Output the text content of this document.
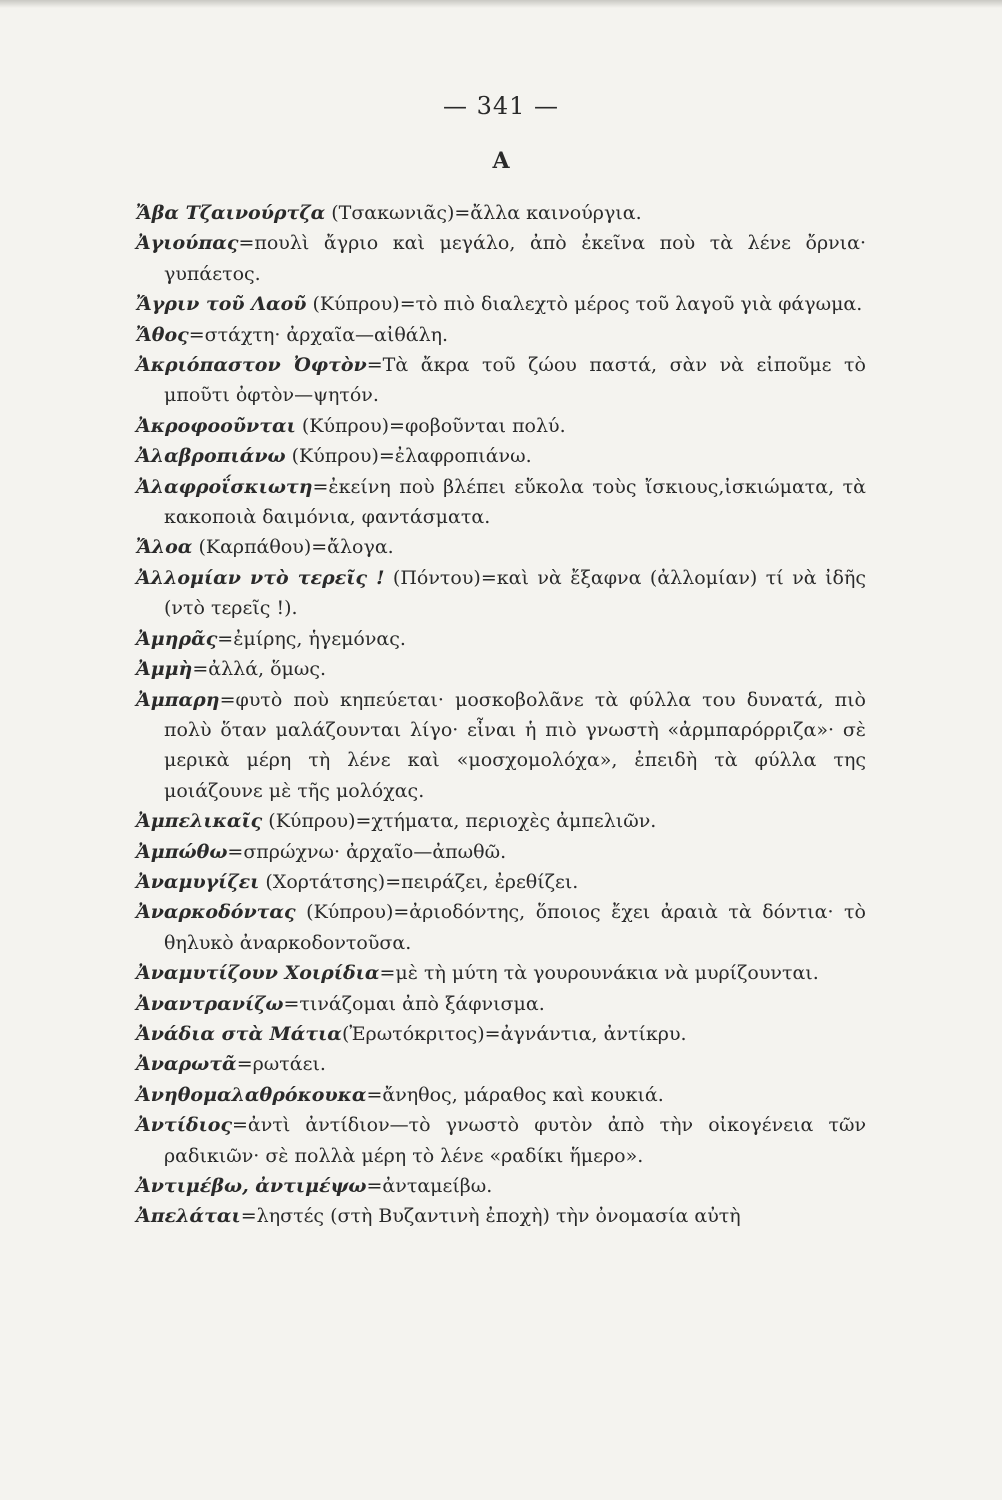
— 341 —
A

Ἄβα Τζαινούρτζα (Τσακωνιᾶς)=ἄλλα καινούργια.

Ἀγιούπας=πουλὶ ἄγριο καὶ μεγάλο, ἀπὸ ἐκεῖνα ποὺ τὰ λένε ὄρνια· γυπάετος.

Ἄγριν τοῦ Λαοῦ (Κύπρου)=τὸ πιὸ διαλεχτὸ μέρος τοῦ λαγοῦ γιὰ φάγωμα.

Ἄθος=στάχτη· ἀρχαῖα—αἰθάλη.

Ἀκριόπαστον Ὀφτὸν=Τὰ ἄκρα τοῦ ζώου παστά, σὰν νὰ εἰποῦμε τὸ μποῦτι ὀφτὸν—ψητόν.

Ἀκροφοοῦνται (Κύπρου)=φοβοῦνται πολύ.

Ἀλαβροπιάνω (Κύπρου)=ἐλαφροπιάνω.

Ἀλαφροΐσκιωτη=ἐκείνη ποὺ βλέπει εὔκολα τοὺς ἴσκιους,ἰσκιώματα, τὰ κακοποιὰ δαιμόνια, φαντάσματα.

Ἄλοα (Καρπάθου)=ἄλογα.

Ἀλλομίαν ντὸ τερεῖς ! (Πόντου)=καὶ νὰ ἔξαφνα (ἀλλομίαν) τί νὰ ἰδῆς (ντὸ τερεῖς !).

Ἀμηρᾶς=ἐμίρης, ἡγεμόνας.

Ἀμμὴ=ἀλλά, ὅμως.

Ἀμπαρη=φυτὸ ποὺ κηπεύεται· μοσκοβολᾶνε τὰ φύλλα του δυνατά, πιὸ πολὺ ὅταν μαλάζουνται λίγο· εἶναι ἡ πιὸ γνωστὴ «ἀρμπαρόρριζα»· σὲ μερικὰ μέρη τὴ λένε καὶ «μοσχομολόχα», ἐπειδὴ τὰ φύλλα της μοιάζουνε μὲ τῆς μολόχας.

Ἀμπελικαῖς (Κύπρου)=χτήματα, περιοχὲς ἀμπελιῶν.

Ἀμπώθω=σπρώχνω· ἀρχαῖο—ἀπωθῶ.

Ἀναμυγίζει (Χορτάτσης)=πειράζει, ἐρεθίζει.

Ἀναρκοδόντας (Κύπρου)=ἀριοδόντης, ὅποιος ἔχει ἀραιὰ τὰ δόντια· τὸ θηλυκὸ ἀναρκοδοντοῦσα.

Ἀναμυτίζουν Χοιρίδια=μὲ τὴ μύτη τὰ γουρουνάκια νὰ μυρίζουνται.

Ἀναντρανίζω=τινάζομαι ἀπὸ ξάφνισμα.

Ἀνάδια στὰ Μάτια(Ἐρωτόκριτος)=ἀγνάντια, ἀντίκρυ.

Ἀναρωτᾶ=ρωτάει.

Ἀνηθομαλαθρόκουκα=ἄνηθος, μάραθος καὶ κουκιά.

Ἀντίδιος=ἀντὶ ἀντίδιον—τὸ γνωστὸ φυτὸν ἀπὸ τὴν οἰκογένεια τῶν ραδικιῶν· σὲ πολλὰ μέρη τὸ λένε «ραδίκι ἥμερο».

Ἀντιμέβω, ἀντιμέψω=ἀνταμείβω.

Ἀπελάται=ληστές (στὴ Βυζαντινὴ ἐποχὴ) τὴν ὀνομασία αὐτὴ
